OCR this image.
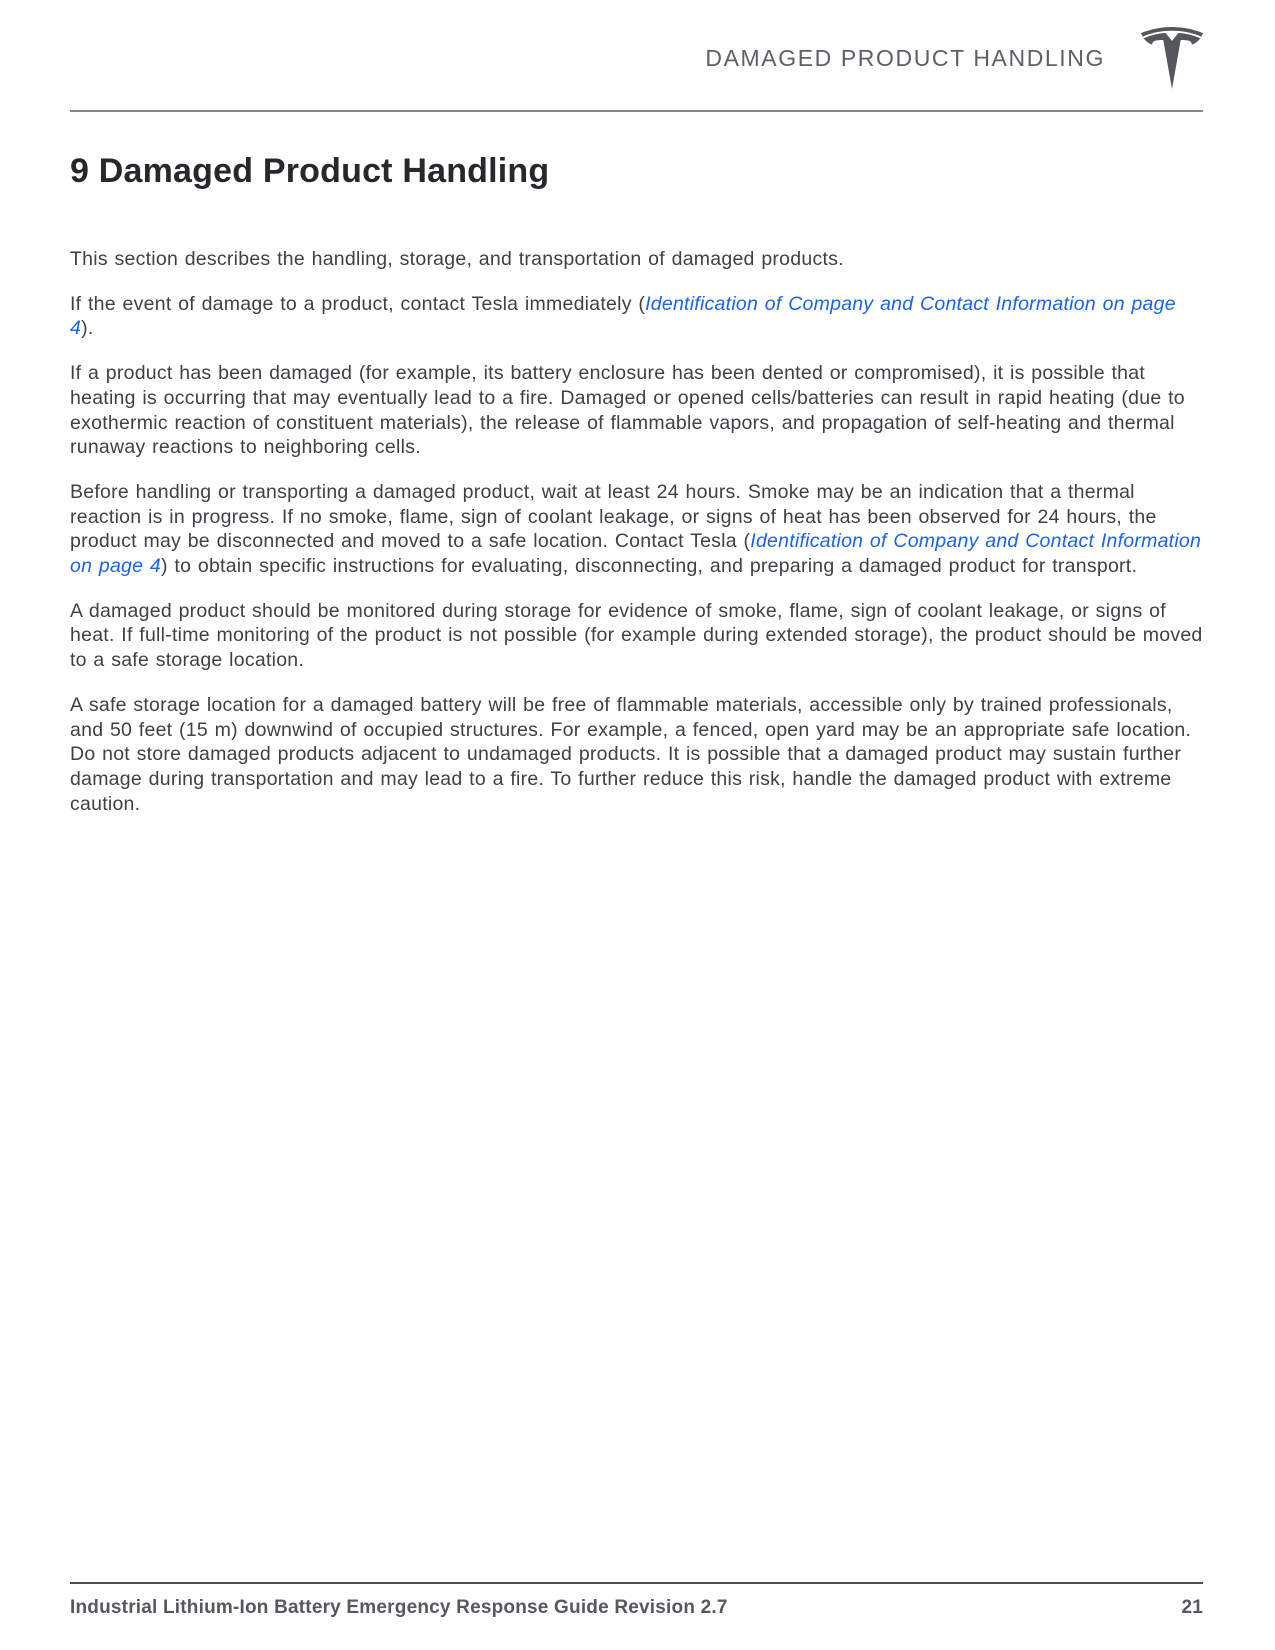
DAMAGED PRODUCT HANDLING
9 Damaged Product Handling

This section describes the handling, storage, and transportation of damaged products.

If the event of damage to a product, contact Tesla immediately (Identification of Company and Contact Information on page 4).

If a product has been damaged (for example, its battery enclosure has been dented or compromised), it is possible that heating is occurring that may eventually lead to a fire. Damaged or opened cells/batteries can result in rapid heating (due to exothermic reaction of constituent materials), the release of flammable vapors, and propagation of self-heating and thermal runaway reactions to neighboring cells.

Before handling or transporting a damaged product, wait at least 24 hours. Smoke may be an indication that a thermal reaction is in progress. If no smoke, flame, sign of coolant leakage, or signs of heat has been observed for 24 hours, the product may be disconnected and moved to a safe location. Contact Tesla (Identification of Company and Contact Information on page 4) to obtain specific instructions for evaluating, disconnecting, and preparing a damaged product for transport.

A damaged product should be monitored during storage for evidence of smoke, flame, sign of coolant leakage, or signs of heat. If full-time monitoring of the product is not possible (for example during extended storage), the product should be moved to a safe storage location.

A safe storage location for a damaged battery will be free of flammable materials, accessible only by trained professionals, and 50 feet (15 m) downwind of occupied structures. For example, a fenced, open yard may be an appropriate safe location. Do not store damaged products adjacent to undamaged products. It is possible that a damaged product may sustain further damage during transportation and may lead to a fire. To further reduce this risk, handle the damaged product with extreme caution.

Industrial Lithium-Ion Battery Emergency Response Guide Revision 2.7	21
